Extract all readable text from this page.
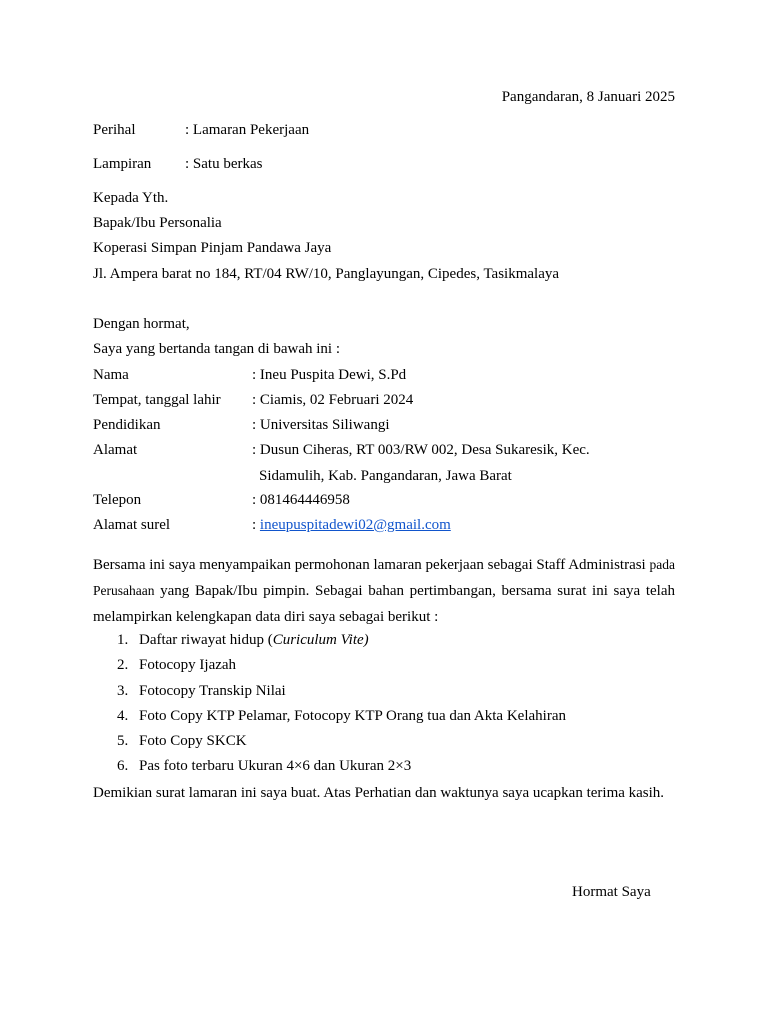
Pangandaran, 8 Januari 2025
Perihal	: Lamaran Pekerjaan
Lampiran : Satu berkas
Kepada Yth.
Bapak/Ibu Personalia
Koperasi Simpan Pinjam Pandawa Jaya
Jl. Ampera barat no 184, RT/04 RW/10, Panglayungan, Cipedes, Tasikmalaya
Dengan hormat,
Saya yang bertanda tangan di bawah ini :
Nama	: Ineu Puspita Dewi, S.Pd
Tempat, tanggal lahir : Ciamis, 02 Februari 2024
Pendidikan	: Universitas Siliwangi
Alamat	: Dusun Ciheras, RT 003/RW 002, Desa Sukaresik, Kec.
Sidamulih, Kab. Pangandaran, Jawa Barat
Telepon	: 081464446958
Alamat surel	: ineupuspitadewi02@gmail.com
Bersama ini saya menyampaikan permohonan lamaran pekerjaan sebagai Staff Administrasi pada Perusahaan yang Bapak/Ibu pimpin. Sebagai bahan pertimbangan, bersama surat ini saya telah melampirkan kelengkapan data diri saya sebagai berikut :
1. Daftar riwayat hidup (Curiculum Vite)
2. Fotocopy Ijazah
3. Fotocopy Transkip Nilai
4. Foto Copy KTP Pelamar, Fotocopy KTP Orang tua dan Akta Kelahiran
5. Foto Copy SKCK
6. Pas foto terbaru Ukuran 4×6 dan Ukuran 2×3
Demikian surat lamaran ini saya buat. Atas Perhatian dan waktunya saya ucapkan terima kasih.
Hormat Saya
